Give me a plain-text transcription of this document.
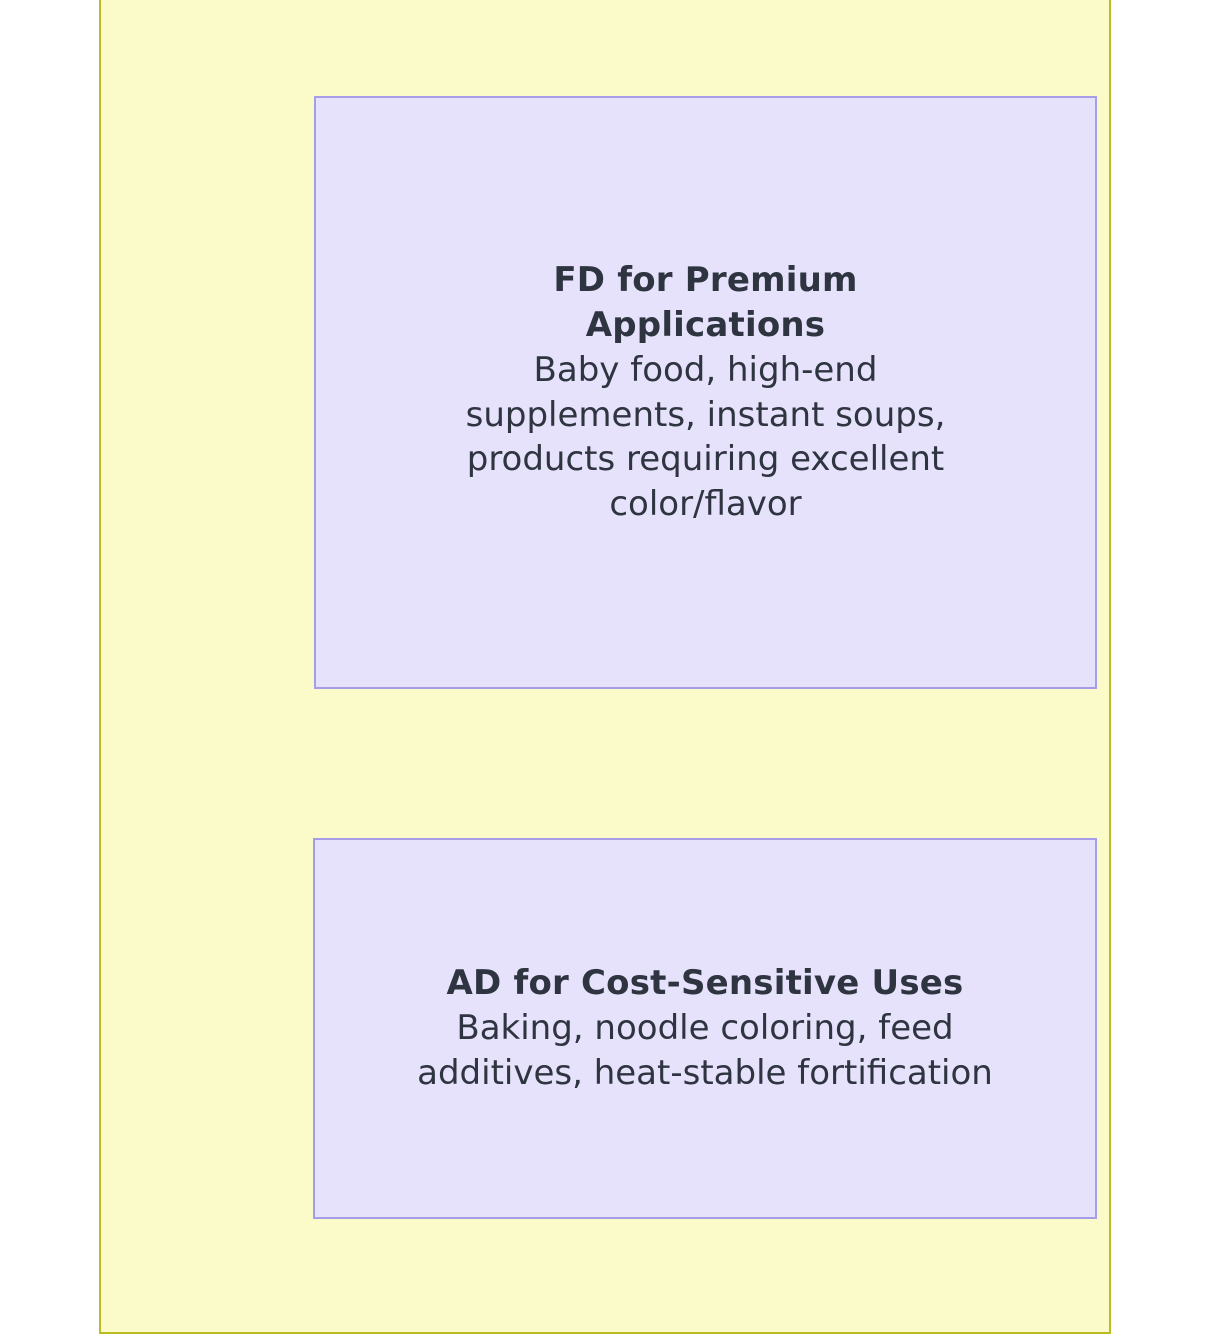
FD for Premium Applications
Baby food, high-end supplements, instant soups, products requiring excellent color/flavor
AD for Cost-Sensitive Uses
Baking, noodle coloring, feed additives, heat-stable fortification
